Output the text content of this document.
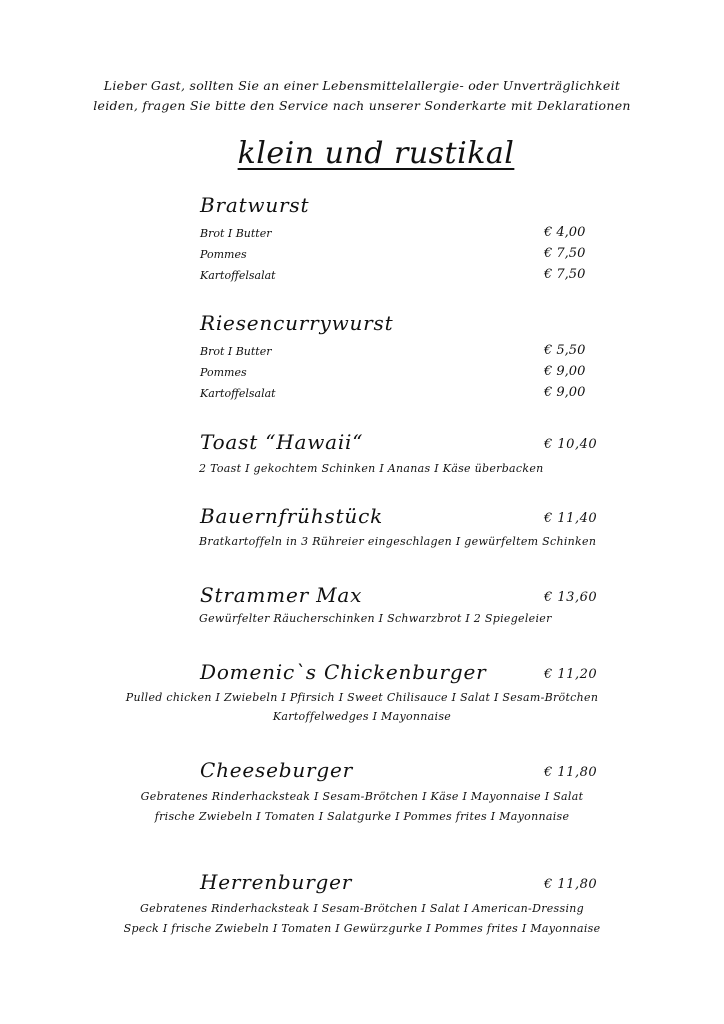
Lieber Gast, sollten Sie an einer Lebensmittelallergie- oder Unverträglichkeit
leiden, fragen Sie bitte den Service nach unserer Sonderkarte mit Deklarationen
klein und rustikal
Bratwurst
Brot I Butter	€ 4,00
Pommes	€ 7,50
Kartoffelsalat	€ 7,50
Riesencurrywurst
Brot I Butter	€ 5,50
Pommes	€ 9,00
Kartoffelsalat	€ 9,00
Toast “Hawaii“	€ 10,40
2 Toast I gekochtem Schinken I Ananas I Käse überbacken
Bauernfrühstück	€ 11,40
Bratkartoffeln in 3 Rühreier eingeschlagen I gewürfeltem Schinken
Strammer Max	€ 13,60
Gewürfelter Räucherschinken I Schwarzbrot I 2 Spiegeleier
Domenic`s Chickenburger	€ 11,20
Pulled chicken I Zwiebeln I Pfirsich I Sweet Chilisauce I Salat I Sesam-Brötchen
Kartoffelwedges I Mayonnaise
Cheeseburger	€ 11,80
Gebratenes Rinderhacksteak I Sesam-Brötchen I Käse I Mayonnaise I Salat
frische Zwiebeln I Tomaten I Salatgurke I Pommes frites I Mayonnaise
Herrenburger	€ 11,80
Gebratenes Rinderhacksteak I Sesam-Brötchen I Salat I American-Dressing
Speck I frische Zwiebeln I Tomaten I Gewürzgurke I Pommes frites I Mayonnaise
